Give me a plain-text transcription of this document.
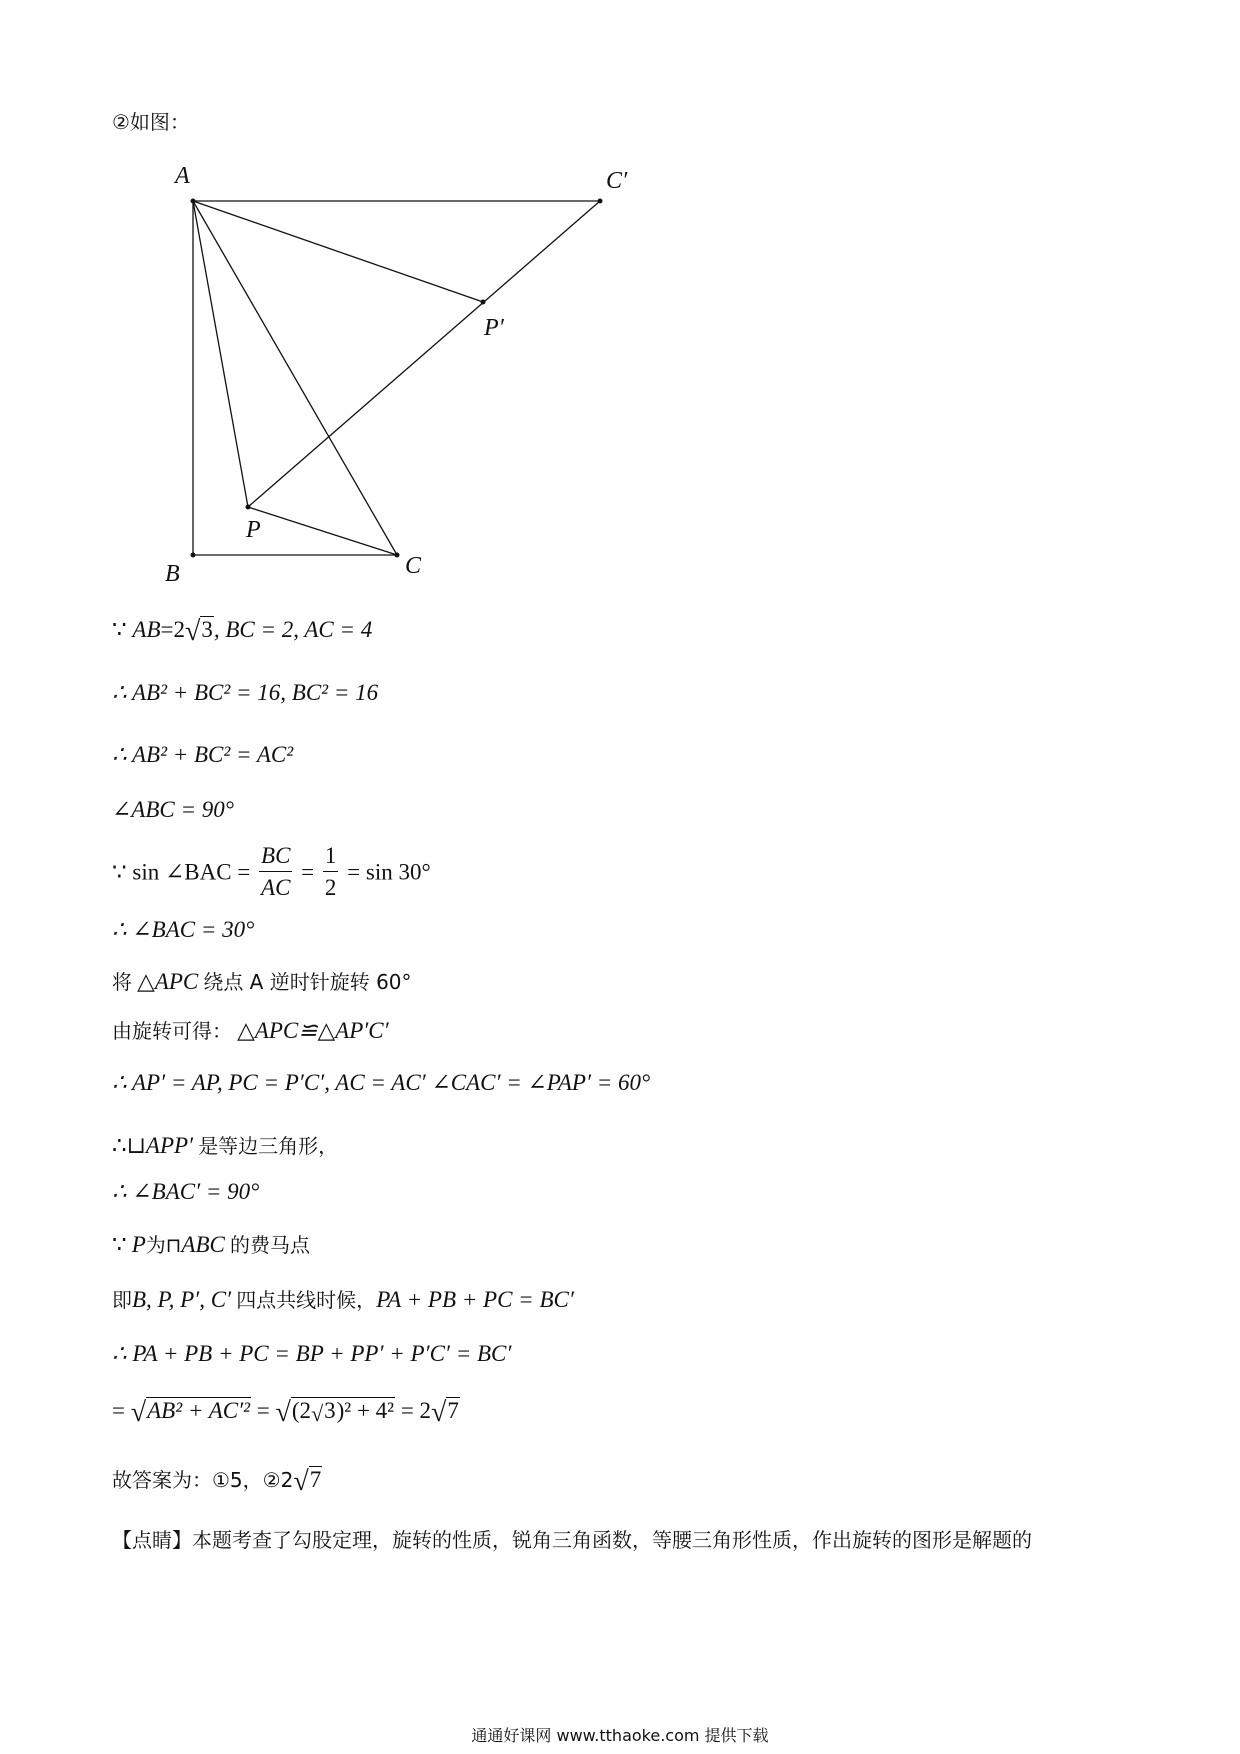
②如图：
A
B	C
P
P′
C′
∵ AB=2√3, BC = 2, AC = 4
∴ AB² + BC² = 16, BC² = 16
∴ AB² + BC² = AC²
∠ABC = 90°
∵ sin ∠BAC = $\frac{BC}{AC} = \frac{1}{2} = \sin 30^\circ$
∴ ∠BAC = 30°
将 △APC 绕点 A 逆时针旋转 60°
由旋转可得： △APC≌△AP′C′
∴ AP′ = AP, PC = P′C′, AC = AC′ ∠CAC′ = ∠PAP′ = 60°
∴⊔APP′ 是等边三角形，
∴ ∠BAC′ = 90°
∵ P为⊓ABC 的费马点
即B, P, P′, C′ 四点共线时候，PA + PB + PC = BC′
∴ PA + PB + PC = BP + PP′ + P′C′ = BC′
= √AB² + AC′² = √(2√3)² + 4² = 2√7
故答案为：①5，②2√7
【点睛】本题考查了勾股定理，旋转的性质，锐角三角函数，等腰三角形性质，作出旋转的图形是解题的
通通好课网 www.tthaoke.com 提供下载
